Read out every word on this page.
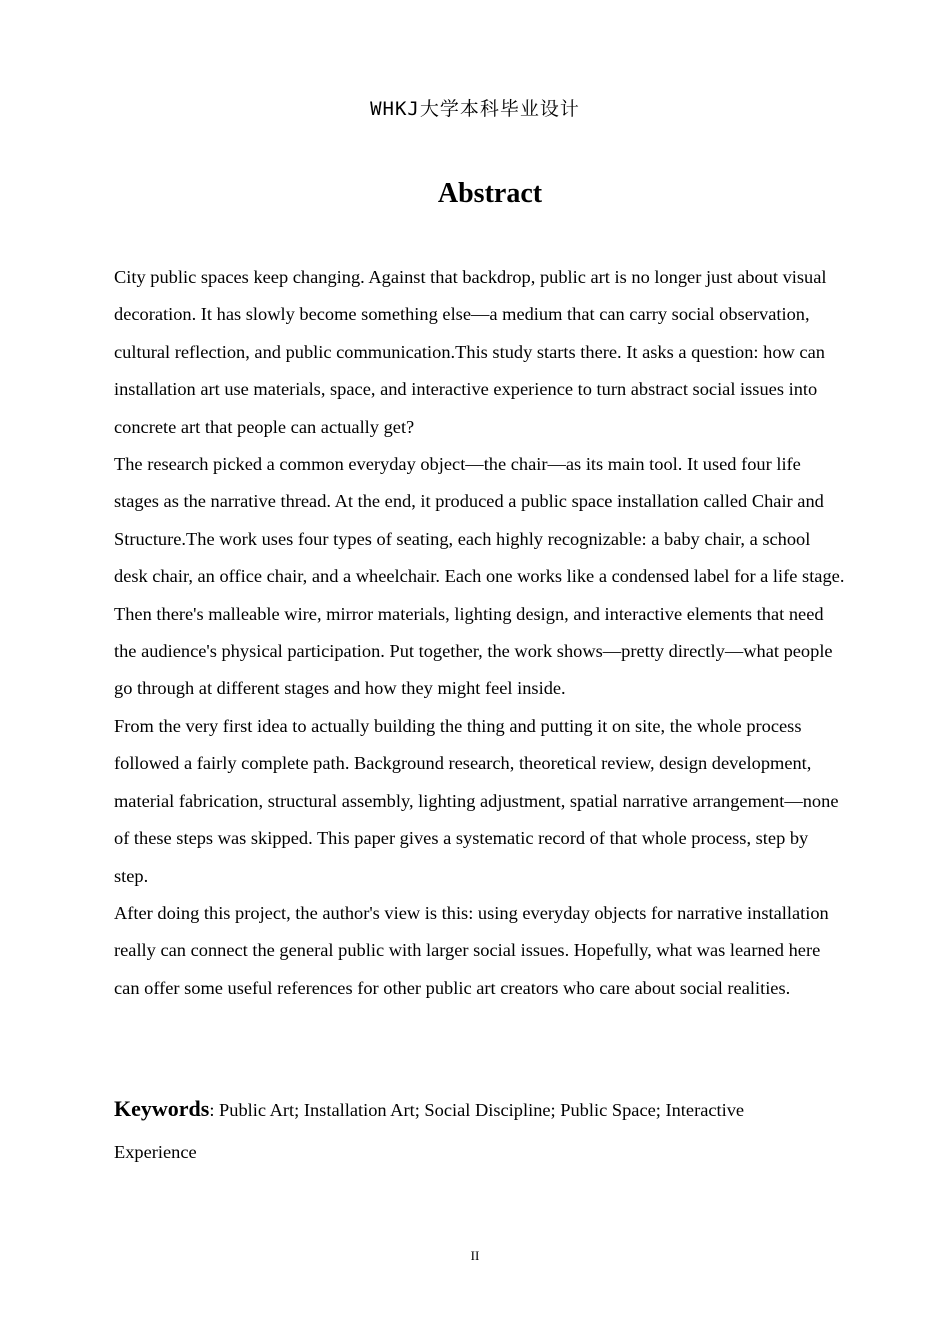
WHKJ大学本科毕业设计
Abstract

City public spaces keep changing. Against that backdrop, public art is no longer just about visual decoration. It has slowly become something else—a medium that can carry social observation, cultural reflection, and public communication.This study starts there. It asks a question: how can installation art use materials, space, and interactive experience to turn abstract social issues into concrete art that people can actually get?

The research picked a common everyday object—the chair—as its main tool. It used four life stages as the narrative thread. At the end, it produced a public space installation called Chair and Structure.The work uses four types of seating, each highly recognizable: a baby chair, a school desk chair, an office chair, and a wheelchair. Each one works like a condensed label for a life stage. Then there's malleable wire, mirror materials, lighting design, and interactive elements that need the audience's physical participation. Put together, the work shows—pretty directly—what people go through at different stages and how they might feel inside.

From the very first idea to actually building the thing and putting it on site, the whole process followed a fairly complete path. Background research, theoretical review, design development, material fabrication, structural assembly, lighting adjustment, spatial narrative arrangement—none of these steps was skipped. This paper gives a systematic record of that whole process, step by step.

After doing this project, the author's view is this: using everyday objects for narrative installation really can connect the general public with larger social issues. Hopefully, what was learned here can offer some useful references for other public art creators who care about social realities.

Keywords: Public Art; Installation Art; Social Discipline; Public Space; Interactive Experience
II
